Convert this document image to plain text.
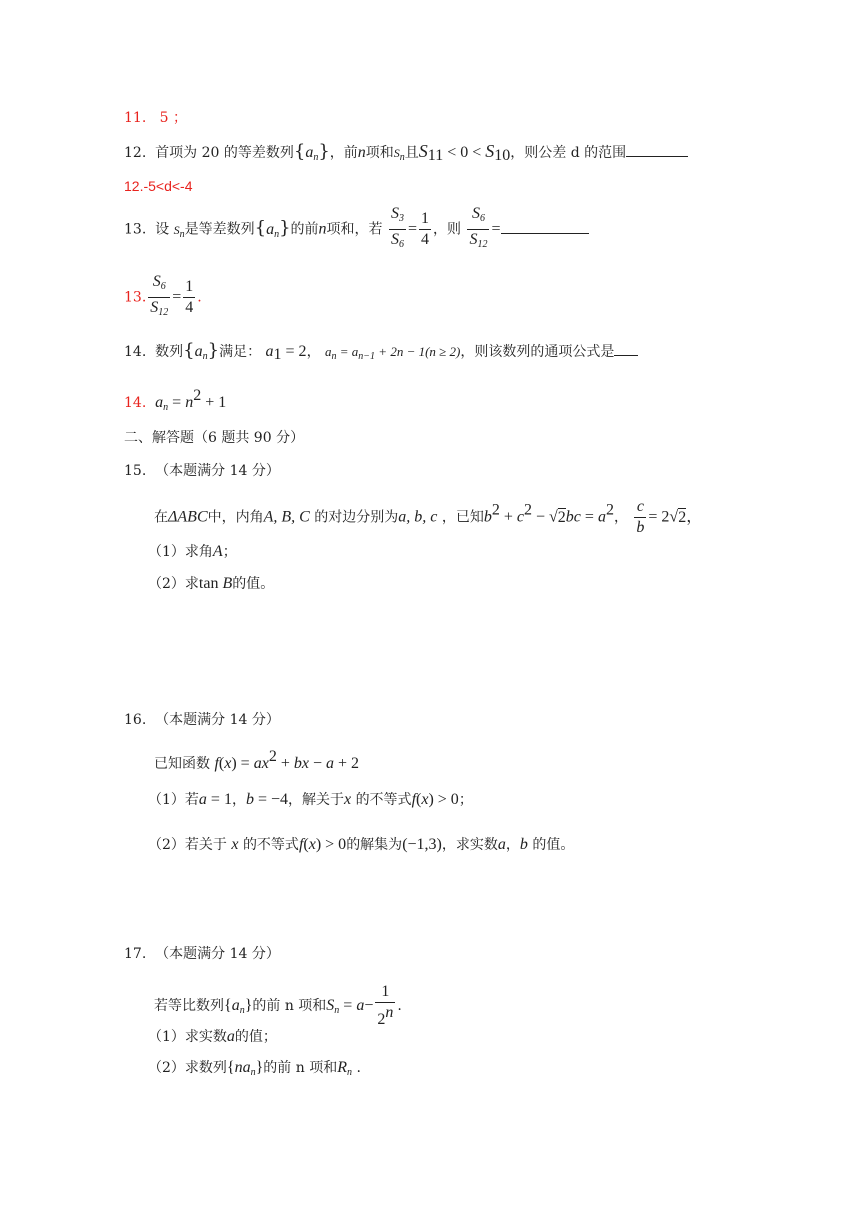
11. 5 ；
12. 首项为 20 的等差数列$\{a_n\}$，前n项和$S_n$且$S_{11} < 0 < S_{10}$，则公差 d 的范围
12.-5<d<-4
13. 设 $S_n$是等差数列$\{a_n\}$的前n项和，若 $\frac{S_3}{S_6} = \frac{1}{4}$ ，则 $\frac{S_6}{S_{12}}$ =
13. $\frac{S_6}{S_{12}} = \frac{1}{4}$ .
14. 数列$\{a_n\}$满足： $a_1 = 2$， $a_n = a_{n-1} + 2n - 1(n \ge 2)$，则该数列的通项公式是
14. $a_n = n^2 + 1$
二、解答题（6 题共 90 分）
15. （本题满分 14 分）
在ΔABC中，内角A, B, C 的对边分别为a, b, c ，已知$b^2 + c^2 - √2bc = a^2$， $\frac{c}{b} = 2√2$，
（1）求角A；
（2）求tan B的值。
16. （本题满分 14 分）
已知函数 $f(x) = ax^2$ + bx − a + 2
（1）若a = 1，b = −4，解关于x 的不等式f(x) > 0；
（2）若关于 x 的不等式f(x) > 0的解集为(−1,3)，求实数a，b 的值。
17. （本题满分 14 分）
若等比数列$\{a_n\}$的前 n 项和$S_n = a- \frac{1}{2^n}$ .
（1）求实数a的值；
（2）求数列$\{na_n\}$的前 n 项和$R_n$ .
